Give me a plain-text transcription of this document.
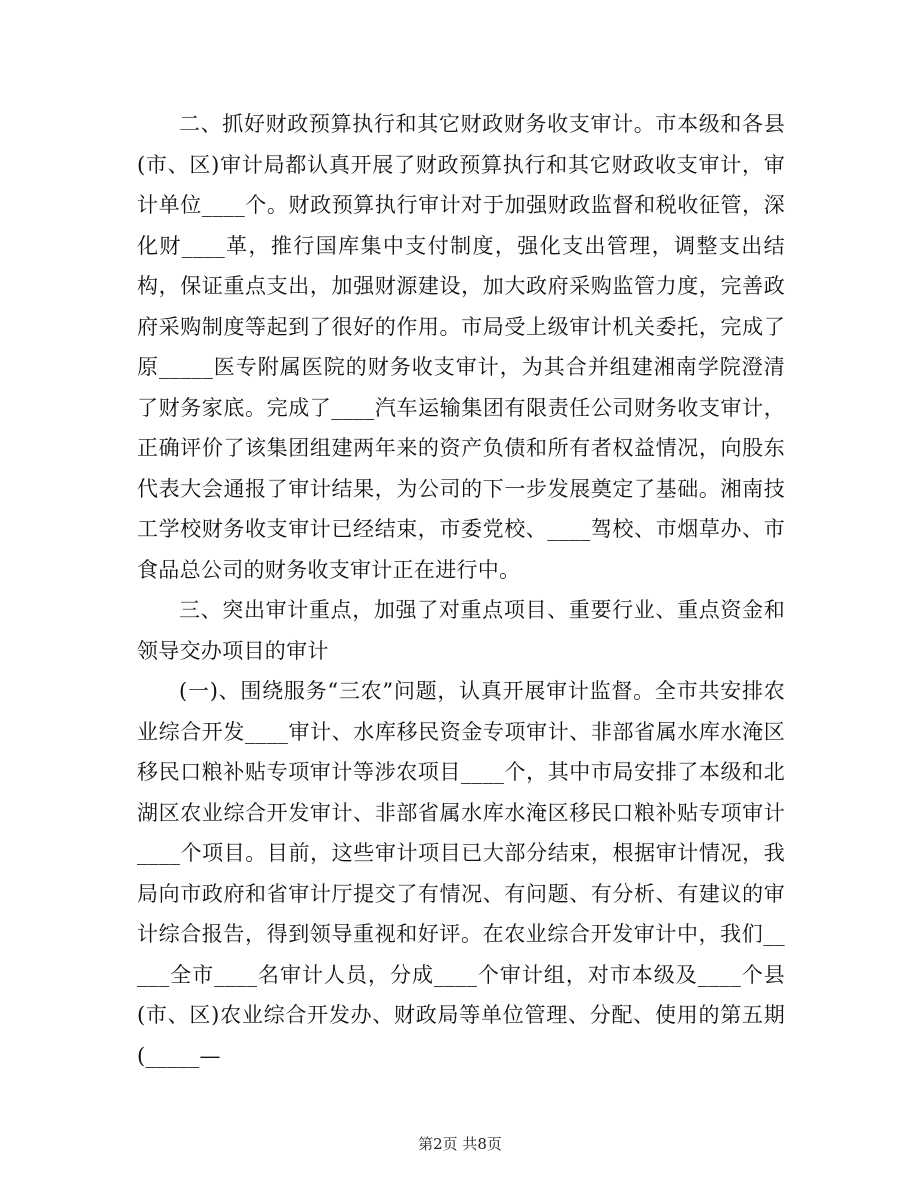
二、抓好财政预算执行和其它财政财务收支审计。市本级和各县(市、区)审计局都认真开展了财政预算执行和其它财政收支审计，审计单位____个。财政预算执行审计对于加强财政监督和税收征管，深化财____革，推行国库集中支付制度，强化支出管理，调整支出结构，保证重点支出，加强财源建设，加大政府采购监管力度，完善政府采购制度等起到了很好的作用。市局受上级审计机关委托，完成了原_____医专附属医院的财务收支审计，为其合并组建湘南学院澄清了财务家底。完成了____汽车运输集团有限责任公司财务收支审计，正确评价了该集团组建两年来的资产负债和所有者权益情况，向股东代表大会通报了审计结果，为公司的下一步发展奠定了基础。湘南技工学校财务收支审计已经结束，市委党校、____驾校、市烟草办、市食品总公司的财务收支审计正在进行中。

三、突出审计重点，加强了对重点项目、重要行业、重点资金和领导交办项目的审计

(一)、围绕服务“三农”问题，认真开展审计监督。全市共安排农业综合开发____审计、水库移民资金专项审计、非部省属水库水淹区移民口粮补贴专项审计等涉农项目____个，其中市局安排了本级和北湖区农业综合开发审计、非部省属水库水淹区移民口粮补贴专项审计____个项目。目前，这些审计项目已大部分结束，根据审计情况，我局向市政府和省审计厅提交了有情况、有问题、有分析、有建议的审计综合报告，得到领导重视和好评。在农业综合开发审计中，我们_____全市____名审计人员，分成____个审计组，对市本级及____个县(市、区)农业综合开发办、财政局等单位管理、分配、使用的第五期(_____—

第2页 共8页
